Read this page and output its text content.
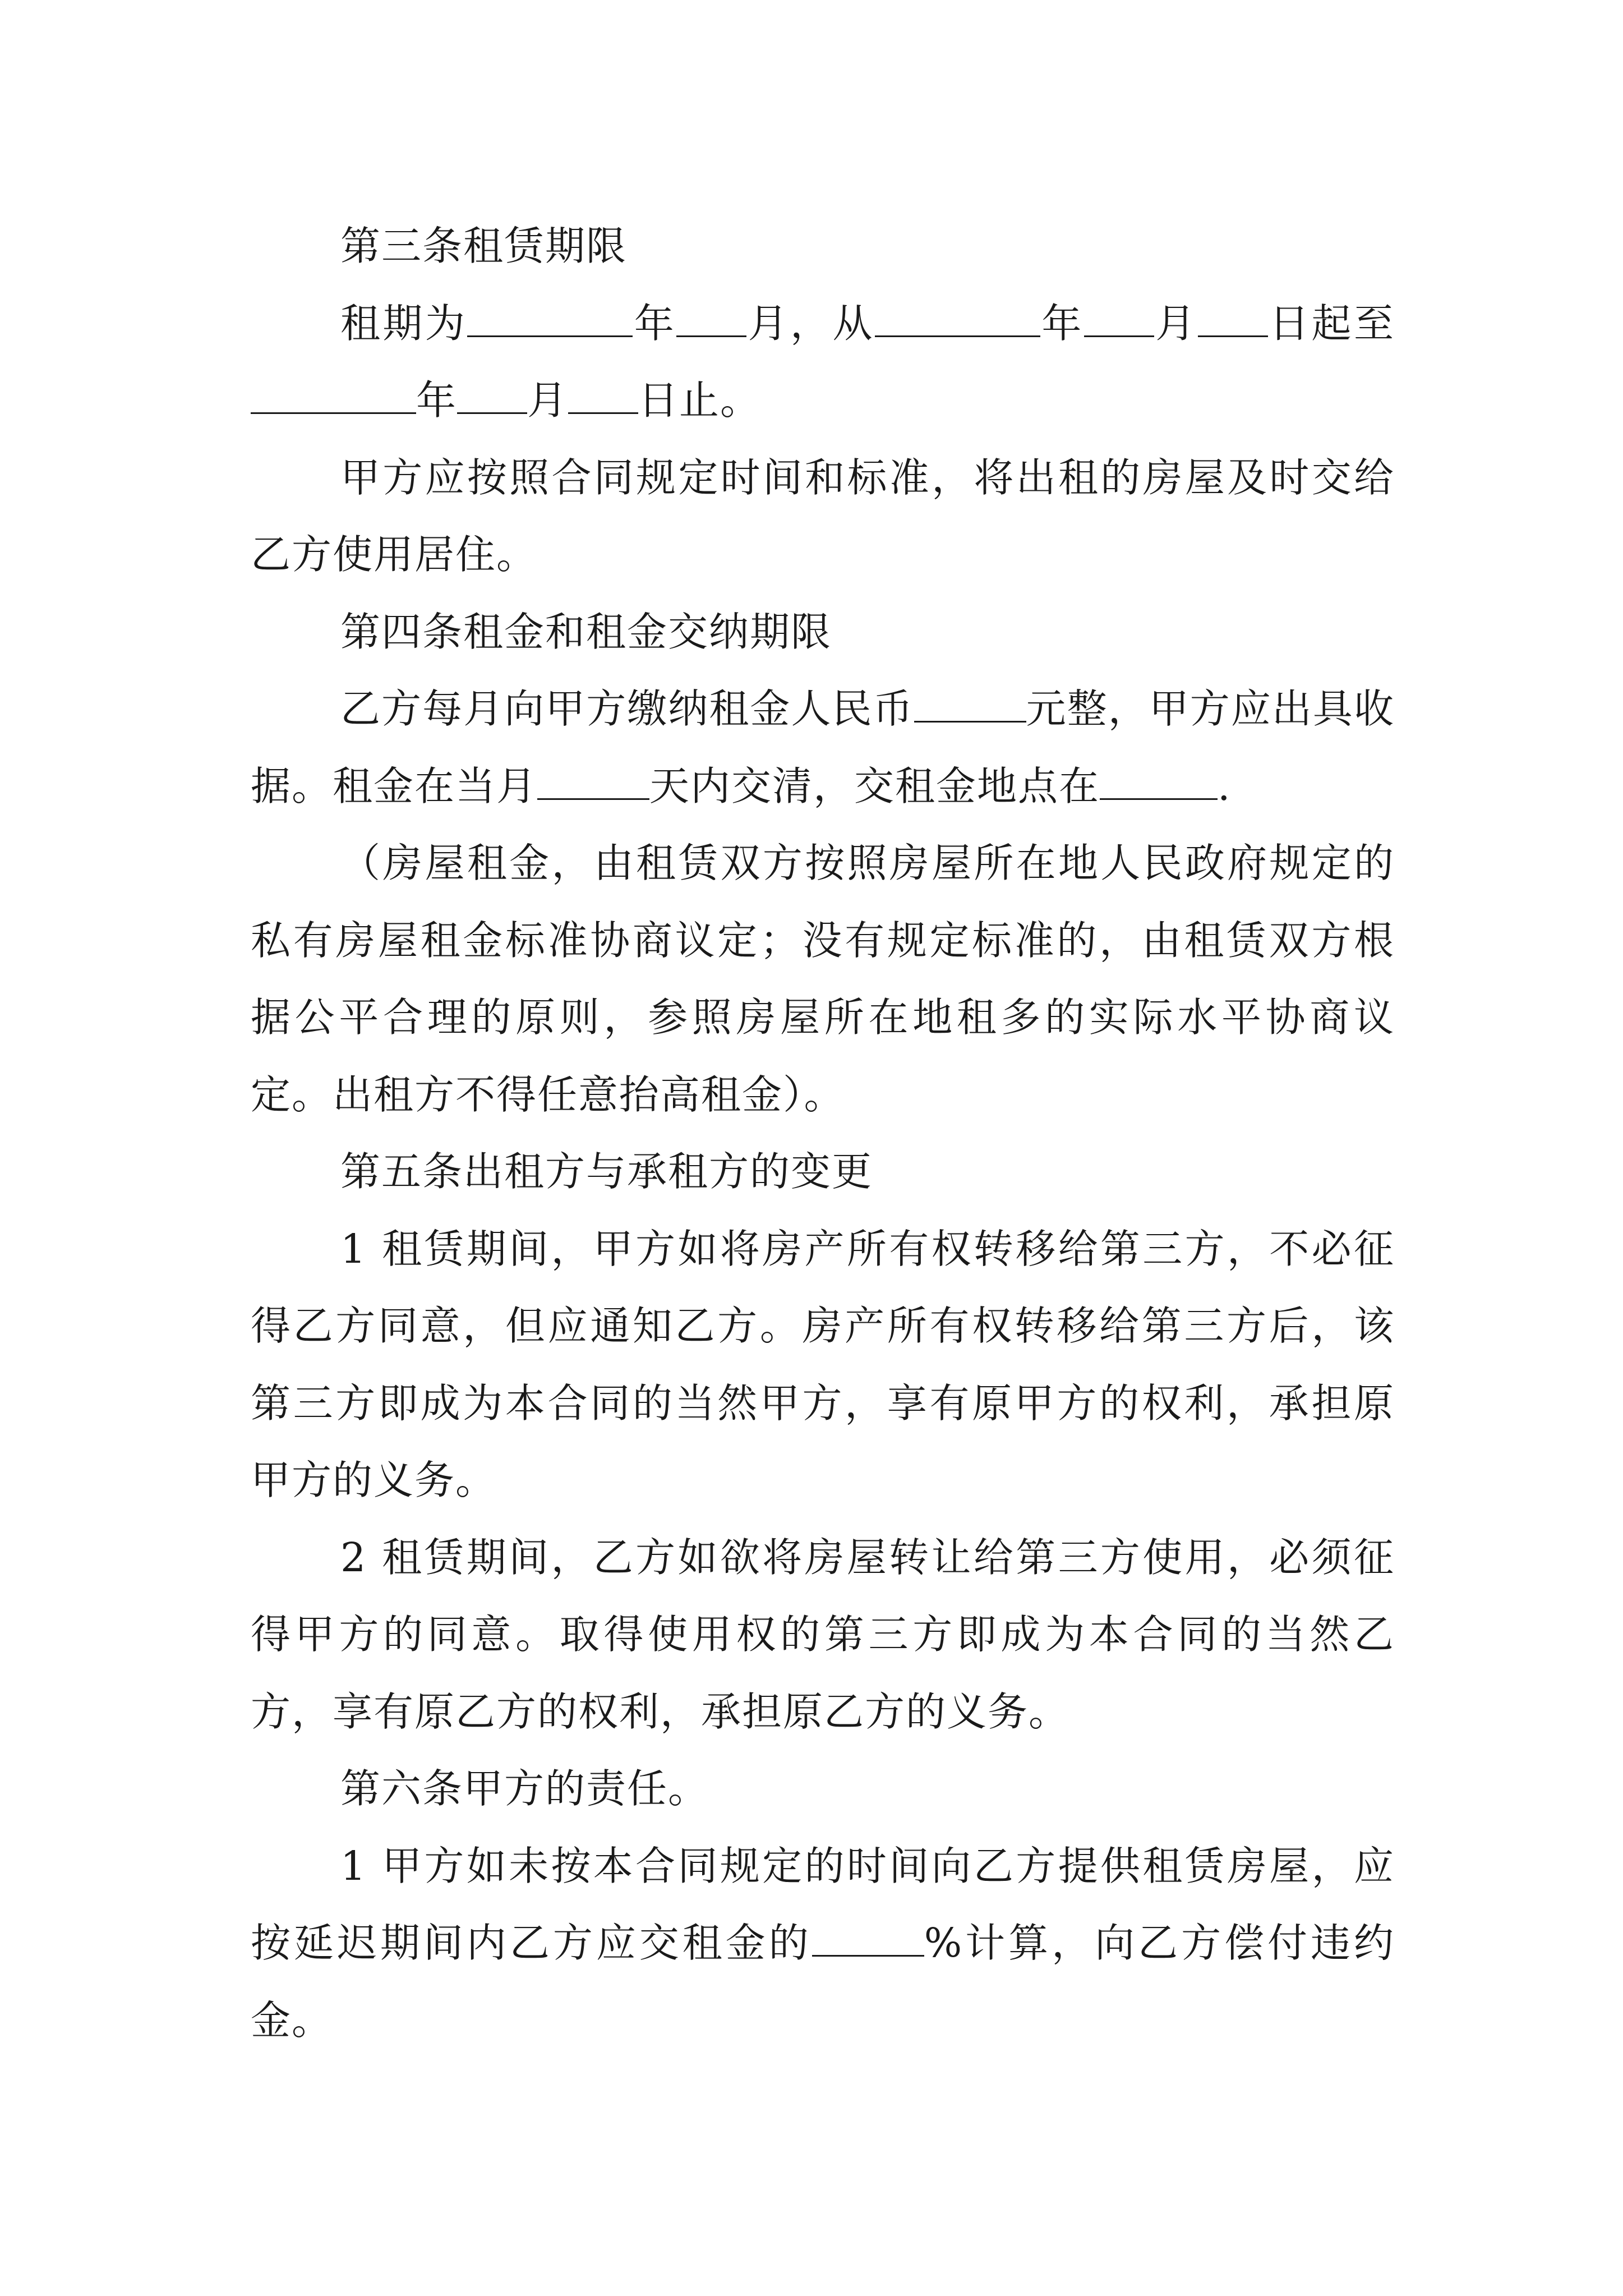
第三条租赁期限

租期为	年 月，从	年 月 日起至年 月 日止。

甲方应按照合同规定时间和标准，将出租的房屋及时交给乙方使用居住。

第四条租金和租金交纳期限

乙方每月向甲方缴纳租金人民币	元整，甲方应出具收据。租金在当月	天内交清，交租金地点在	.

（房屋租金，由租赁双方按照房屋所在地人民政府规定的私有房屋租金标准协商议定；没有规定标准的，由租赁双方根据公平合理的原则，参照房屋所在地租多的实际水平协商议定。出租方不得任意抬高租金）。

第五条出租方与承租方的变更

1 租赁期间，甲方如将房产所有权转移给第三方，不必征得乙方同意，但应通知乙方。房产所有权转移给第三方后，该第三方即成为本合同的当然甲方，享有原甲方的权利，承担原甲方的义务。

2 租赁期间，乙方如欲将房屋转让给第三方使用，必须征得甲方的同意。取得使用权的第三方即成为本合同的当然乙方，享有原乙方的权利，承担原乙方的义务。

第六条甲方的责任。

1 甲方如未按本合同规定的时间向乙方提供租赁房屋，应按延迟期间内乙方应交租金的	%计算，向乙方偿付违约金。
